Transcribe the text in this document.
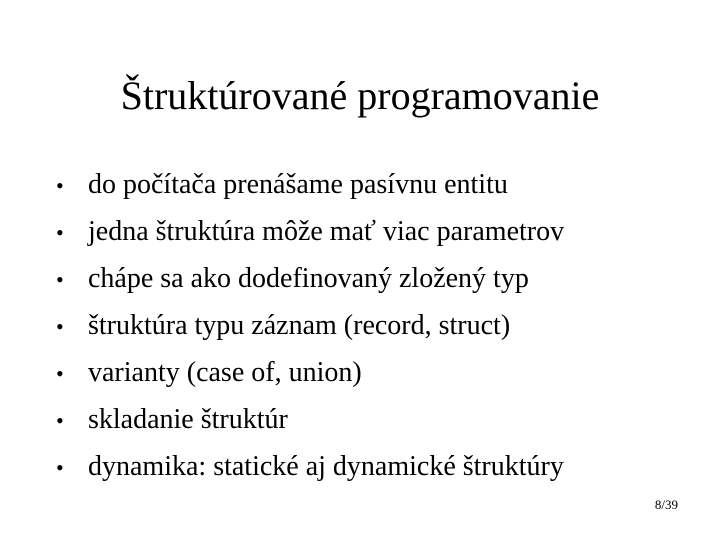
Štruktúrované programovanie
• do počítača prenášame pasívnu entitu
• jedna štruktúra môže mať viac parametrov
• chápe sa ako dodefinovaný zložený typ
• štruktúra typu záznam (record, struct)
• varianty (case of, union)
• skladanie štruktúr
• dynamika: statické aj dynamické štruktúry
8/39
